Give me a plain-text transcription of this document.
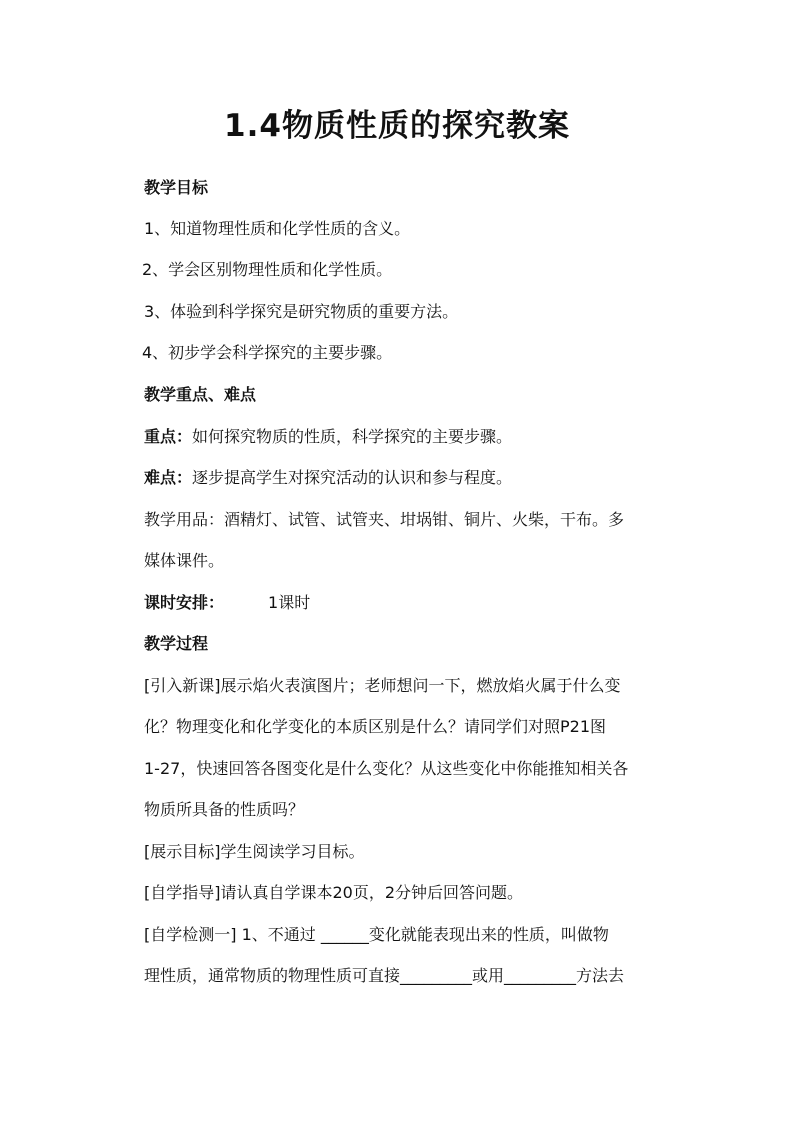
1.4物质性质的探究教案
教学目标
1、知道物理性质和化学性质的含义。
2、学会区别物理性质和化学性质。
3、体验到科学探究是研究物质的重要方法。
4、初步学会科学探究的主要步骤。
教学重点、难点
重点：如何探究物质的性质，科学探究的主要步骤。
难点：逐步提高学生对探究活动的认识和参与程度。
教学用品：酒精灯、试管、试管夹、坩埚钳、铜片、火柴，干布。多
媒体课件。
课时安排：	1课时
教学过程
[引入新课]展示焰火表演图片；老师想问一下，燃放焰火属于什么变
化？物理变化和化学变化的本质区别是什么？请同学们对照P21图
1-27，快速回答各图变化是什么变化？从这些变化中你能推知相关各
物质所具备的性质吗？
[展示目标]学生阅读学习目标。
[自学指导]请认真自学课本20页，2分钟后回答问题。
[自学检测一] 1、不通过 ______变化就能表现出来的性质，叫做物
理性质，通常物质的物理性质可直接_________或用_________方法去
